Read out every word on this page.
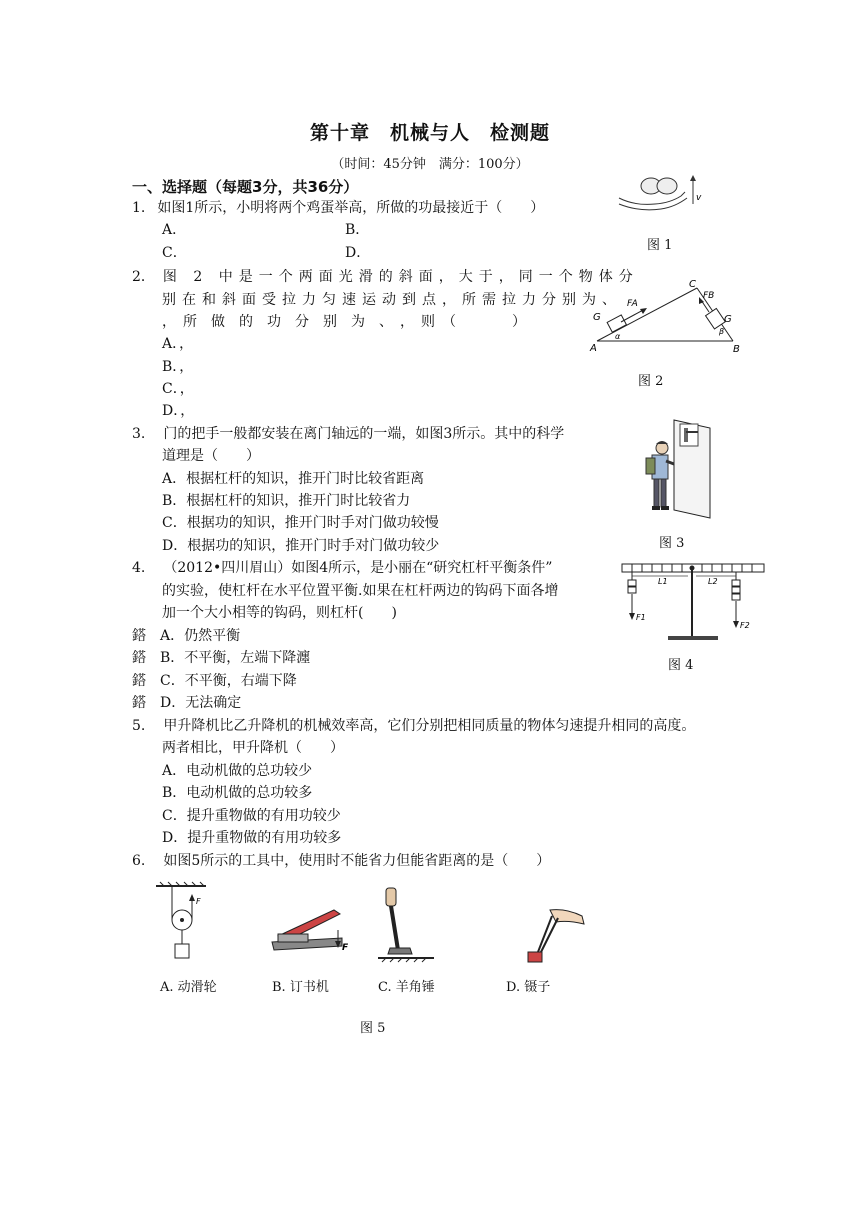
第十章　机械与人　检测题
（时间：45分钟　满分：100分）
一、选择题（每题3分，共36分）
1. 如图1所示，小明将两个鸡蛋举高，所做的功最接近于（　　）
A．	B．
C．	D．
v
图 1
2． 图 2 中是一个两面光滑的斜面，大于，同一个物体分
别在和斜面受拉力匀速运动到点，所需拉力分别为、
，　所　做　的　功　分　别　为　、　，　则　（　　　　）
A．，
B．，
C．，
D．，
C
FA
FB
G	G
A	B
α
β
图 2
3. 门的把手一般都安装在离门轴远的一端，如图3所示。其中的科学
道理是（　　）
A．根据杠杆的知识，推开门时比较省距离
B．根据杠杆的知识，推开门时比较省力
C．根据功的知识，推开门时手对门做功较慢
D．根据功的知识，推开门时手对门做功较少	图 3
4. （2012•四川眉山）如图4所示，是小丽在“研究杠杆平衡条件”
的实验，使杠杆在水平位置平衡.如果在杠杆两边的钩码下面各增
加一个大小相等的钩码，则杠杆(　　)
鎝 A．仍然平衡
鎝 B．不平衡，左端下降瀍
鎝 C．不平衡，右端下降
鎝 D．无法确定
L1	L2
F1
F2
图 4
5. 甲升降机比乙升降机的机械效率高，它们分别把相同质量的物体匀速提升相同的高度。
两者相比，甲升降机（　　）
A．电动机做的总功较少
B．电动机做的总功较多
C．提升重物做的有用功较少
D．提升重物做的有用功较多
6. 如图5所示的工具中，使用时不能省力但能省距离的是（　　）
F
F
A. 动滑轮	B. 订书机	C. 羊角锤	D. 镊子
图 5
